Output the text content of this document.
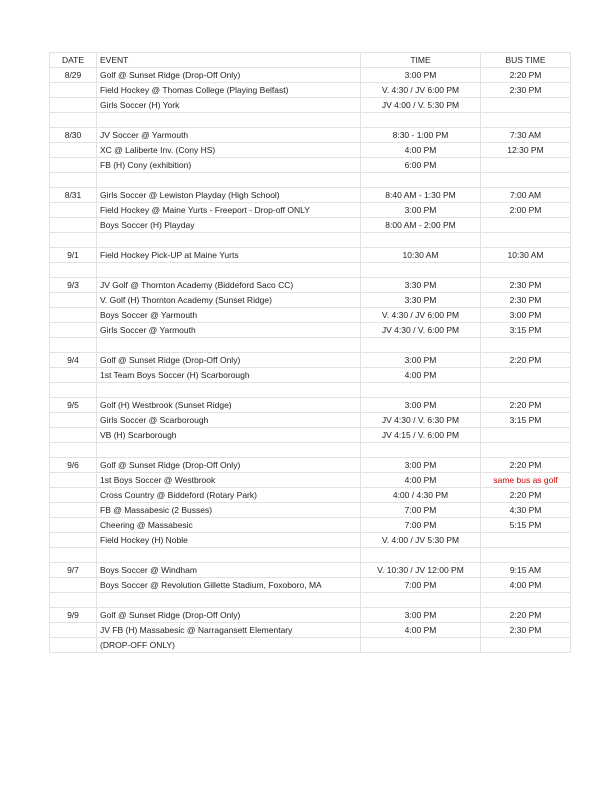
DATE	EVENT	TIME	BUS TIME
8/29	Golf @ Sunset Ridge (Drop-Off Only)	3:00 PM	2:20 PM
	Field Hockey @ Thomas College (Playing Belfast)	V. 4:30 / JV 6:00 PM	2:30 PM
	Girls Soccer (H) York	JV 4:00 / V. 5:30 PM	

8/30	JV Soccer @ Yarmouth	8:30 - 1:00 PM	7:30 AM
	XC @ Laliberte Inv. (Cony HS)	4:00 PM	12:30 PM
	FB (H) Cony (exhibition)	6:00 PM	

8/31	Girls Soccer @ Lewiston Playday (High School)	8:40 AM - 1:30 PM	7:00 AM
	Field Hockey @ Maine Yurts - Freeport - Drop-off ONLY	3:00 PM	2:00 PM
	Boys Soccer (H) Playday	8:00 AM - 2:00 PM	

9/1	Field Hockey Pick-UP at Maine Yurts	10:30 AM	10:30 AM

9/3	JV Golf @ Thornton Academy (Biddeford Saco CC)	3:30 PM	2:30 PM
	V. Golf (H) Thornton Academy (Sunset Ridge)	3:30 PM	2:30 PM
	Boys Soccer @ Yarmouth	V. 4:30 / JV 6:00 PM	3:00 PM
	Girls Soccer @ Yarmouth	JV 4:30 / V. 6:00 PM	3:15 PM

9/4	Golf @ Sunset Ridge (Drop-Off Only)	3:00 PM	2:20 PM
	1st Team Boys Soccer (H) Scarborough	4:00 PM	

9/5	Golf (H) Westbrook (Sunset Ridge)	3:00 PM	2:20 PM
	Girls Soccer @ Scarborough	JV 4:30 / V. 6:30 PM	3:15 PM
	VB (H) Scarborough	JV 4:15 / V. 6:00 PM	

9/6	Golf @ Sunset Ridge (Drop-Off Only)	3:00 PM	2:20 PM
	1st Boys Soccer @ Westbrook	4:00 PM	same bus as golf
	Cross Country @ Biddeford (Rotary Park)	4:00 / 4:30 PM	2:20 PM
	FB @ Massabesic (2 Busses)	7:00 PM	4:30 PM
	Cheering @ Massabesic	7:00 PM	5:15 PM
	Field Hockey (H) Noble	V. 4:00 / JV 5:30 PM	

9/7	Boys Soccer @ Windham	V. 10:30 / JV 12:00 PM	9:15 AM
	Boys Soccer @ Revolution Gillette Stadium, Foxoboro, MA	7:00 PM	4:00 PM

9/9	Golf @ Sunset Ridge (Drop-Off Only)	3:00 PM	2:20 PM
	JV FB (H) Massabesic @ Narragansett Elementary	4:00 PM	2:30 PM
	(DROP-OFF ONLY)		
